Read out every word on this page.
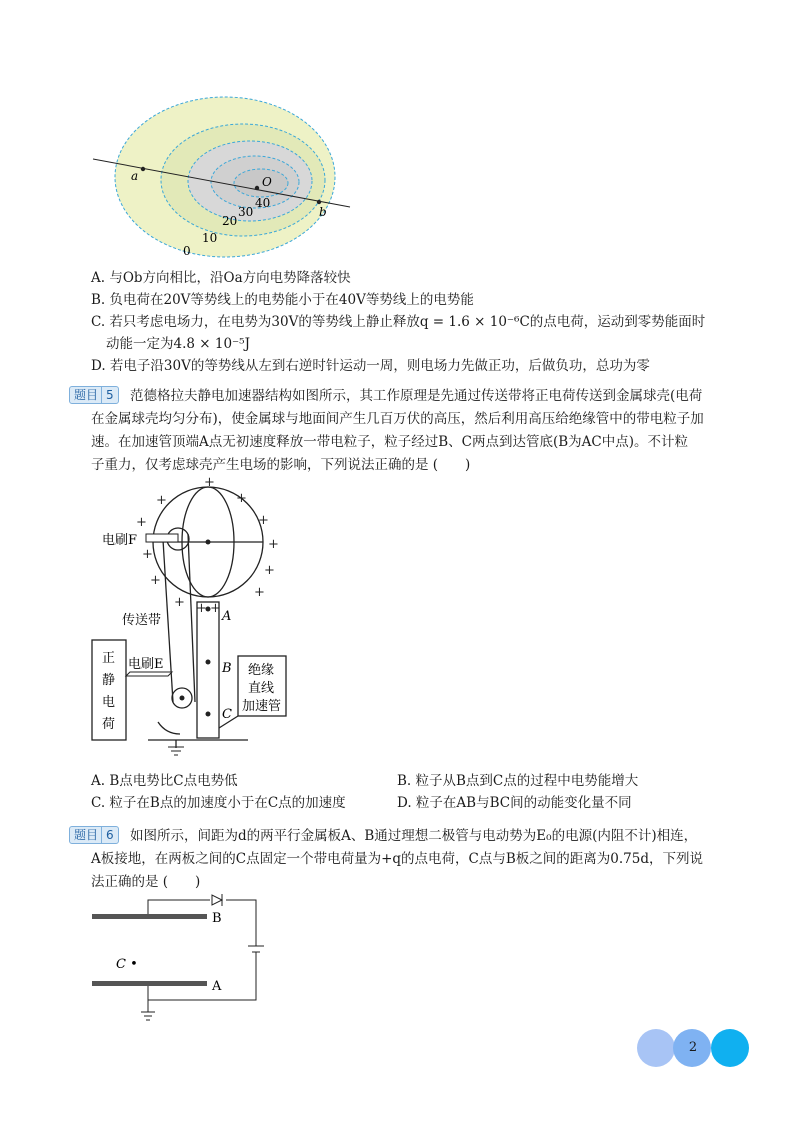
a	O
b
40
30
20
10
0
A. 与Ob方向相比，沿Oa方向电势降落较快
B. 负电荷在20V等势线上的电势能小于在40V等势线上的电势能
C. 若只考虑电场力，在电势为30V的等势线上静止释放q = 1.6 × 10⁻⁶C的点电荷，运动到零势能面时
动能一定为4.8 × 10⁻⁵J
D. 若电子沿30V的等势线从左到右逆时针运动一周，则电场力先做正功，后做负功，总功为零
题目 5	范德格拉夫静电加速器结构如图所示，其工作原理是先通过传送带将正电荷传送到金属球壳(电荷
在金属球壳均匀分布)，使金属球与地面间产生几百万伏的高压，然后利用高压给绝缘管中的带电粒子加
速。在加速管顶端A点无初速度释放一带电粒子，粒子经过B、C两点到达管底(B为AC中点)。不计粒
子重力，仅考虑球壳产生电场的影响，下列说法正确的是 (　　)
+
+	+
+	+
+
+
+
+
+
+
+ +
电刷F
传送带
电刷E
A
B
C
正
静
电
荷
绝缘
直线
加速管
A. B点电势比C点电势低	B. 粒子从B点到C点的过程中电势能增大
C. 粒子在B点的加速度小于在C点的加速度	D. 粒子在AB与BC间的动能变化量不同
题目 6	如图所示，间距为d的两平行金属板A、B通过理想二极管与电动势为E₀的电源(内阻不计)相连，
A板接地，在两板之间的C点固定一个带电荷量为+q的点电荷，C点与B板之间的距离为0.75d，下列说
法正确的是 (　　)
B
A
C •
2
